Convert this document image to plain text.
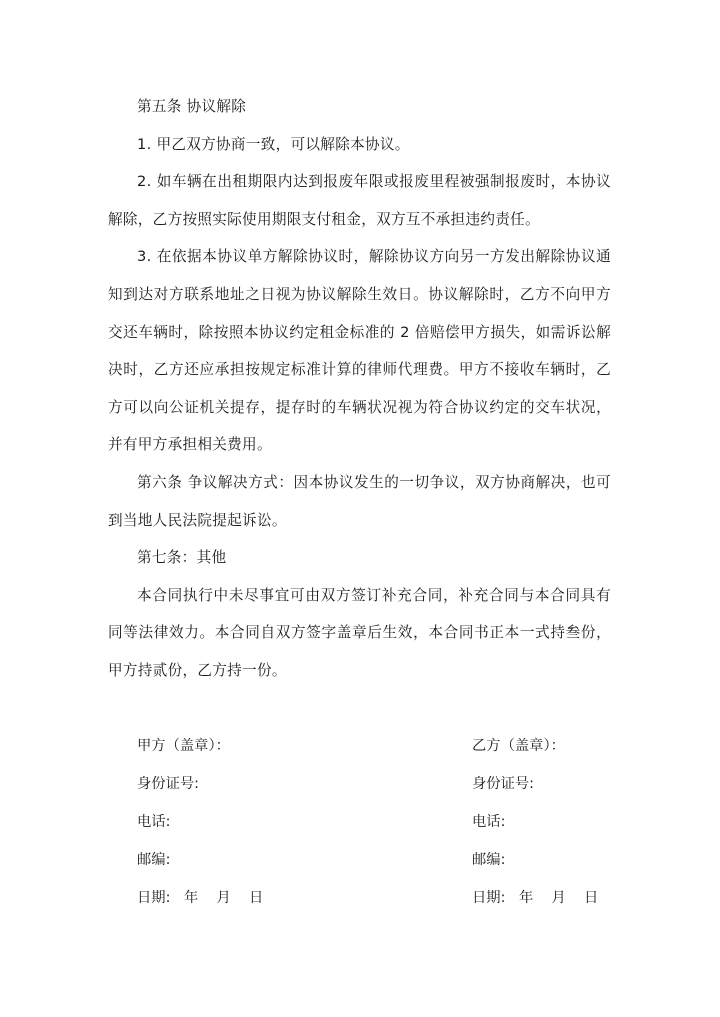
第五条 协议解除

1. 甲乙双方协商一致，可以解除本协议。

2. 如车辆在出租期限内达到报废年限或报废里程被强制报废时，本协议解除，乙方按照实际使用期限支付租金，双方互不承担违约责任。

3. 在依据本协议单方解除协议时，解除协议方向另一方发出解除协议通知到达对方联系地址之日视为协议解除生效日。协议解除时，乙方不向甲方交还车辆时，除按照本协议约定租金标准的 2 倍赔偿甲方损失，如需诉讼解决时，乙方还应承担按规定标准计算的律师代理费。甲方不接收车辆时，乙方可以向公证机关提存，提存时的车辆状况视为符合协议约定的交车状况，并有甲方承担相关费用。

第六条 争议解决方式：因本协议发生的一切争议，双方协商解决，也可到当地人民法院提起诉讼。

第七条：其他

本合同执行中未尽事宜可由双方签订补充合同，补充合同与本合同具有同等法律效力。本合同自双方签字盖章后生效，本合同书正本一式持叁份，甲方持贰份，乙方持一份。

甲方（盖章）：
身份证号:
电话:
邮编:
日期:   年    月    日
乙方（盖章）：
身份证号:
电话:
邮编:
日期:   年    月    日
